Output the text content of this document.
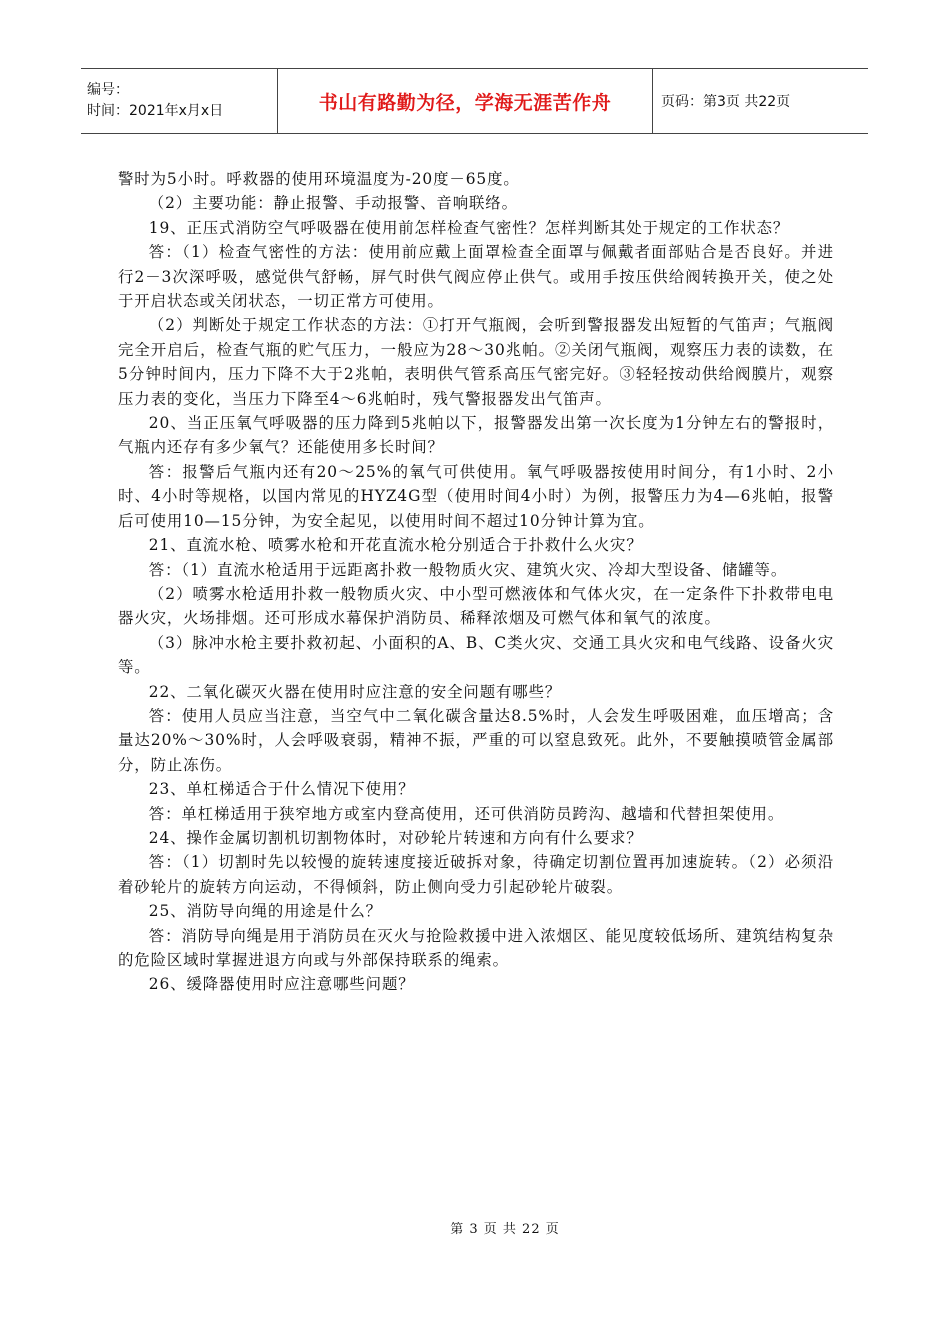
编号：
时间：2021年x月x日	书山有路勤为径，学海无涯苦作舟	页码：第3页 共22页

警时为5小时。呼救器的使用环境温度为-20度－65度。

（2）主要功能：静止报警、手动报警、音响联络。

19、正压式消防空气呼吸器在使用前怎样检查气密性？怎样判断其处于规定的工作状态？

答：（1）检查气密性的方法：使用前应戴上面罩检查全面罩与佩戴者面部贴合是否良好。并进行2－3次深呼吸，感觉供气舒畅，屏气时供气阀应停止供气。或用手按压供给阀转换开关，使之处于开启状态或关闭状态，一切正常方可使用。

（2）判断处于规定工作状态的方法：①打开气瓶阀，会听到警报器发出短暂的气笛声；气瓶阀完全开启后，检查气瓶的贮气压力，一般应为28～30兆帕。②关闭气瓶阀，观察压力表的读数，在5分钟时间内，压力下降不大于2兆帕，表明供气管系高压气密完好。③轻轻按动供给阀膜片，观察压力表的变化，当压力下降至4～6兆帕时，残气警报器发出气笛声。

20、当正压氧气呼吸器的压力降到5兆帕以下，报警器发出第一次长度为1分钟左右的警报时，气瓶内还存有多少氧气？还能使用多长时间？

答：报警后气瓶内还有20～25%的氧气可供使用。氧气呼吸器按使用时间分，有1小时、2小时、4小时等规格，以国内常见的HYZ4G型（使用时间4小时）为例，报警压力为4—6兆帕，报警后可使用10—15分钟，为安全起见，以使用时间不超过10分钟计算为宜。

21、直流水枪、喷雾水枪和开花直流水枪分别适合于扑救什么火灾？

答：（1）直流水枪适用于远距离扑救一般物质火灾、建筑火灾、冷却大型设备、储罐等。

（2）喷雾水枪适用扑救一般物质火灾、中小型可燃液体和气体火灾，在一定条件下扑救带电电器火灾，火场排烟。还可形成水幕保护消防员、稀释浓烟及可燃气体和氧气的浓度。

（3）脉冲水枪主要扑救初起、小面积的A、B、C类火灾、交通工具火灾和电气线路、设备火灾等。

22、二氧化碳灭火器在使用时应注意的安全问题有哪些？

答：使用人员应当注意，当空气中二氧化碳含量达8.5%时，人会发生呼吸困难，血压增高；含量达20%～30%时，人会呼吸衰弱，精神不振，严重的可以窒息致死。此外，不要触摸喷管金属部分，防止冻伤。

23、单杠梯适合于什么情况下使用？

答：单杠梯适用于狭窄地方或室内登高使用，还可供消防员跨沟、越墙和代替担架使用。

24、操作金属切割机切割物体时，对砂轮片转速和方向有什么要求？

答：（1）切割时先以较慢的旋转速度接近破拆对象，待确定切割位置再加速旋转。（2）必须沿着砂轮片的旋转方向运动，不得倾斜，防止侧向受力引起砂轮片破裂。

25、消防导向绳的用途是什么？

答：消防导向绳是用于消防员在灭火与抢险救援中进入浓烟区、能见度较低场所、建筑结构复杂的危险区域时掌握进退方向或与外部保持联系的绳索。

26、缓降器使用时应注意哪些问题？

第 3 页 共 22 页
